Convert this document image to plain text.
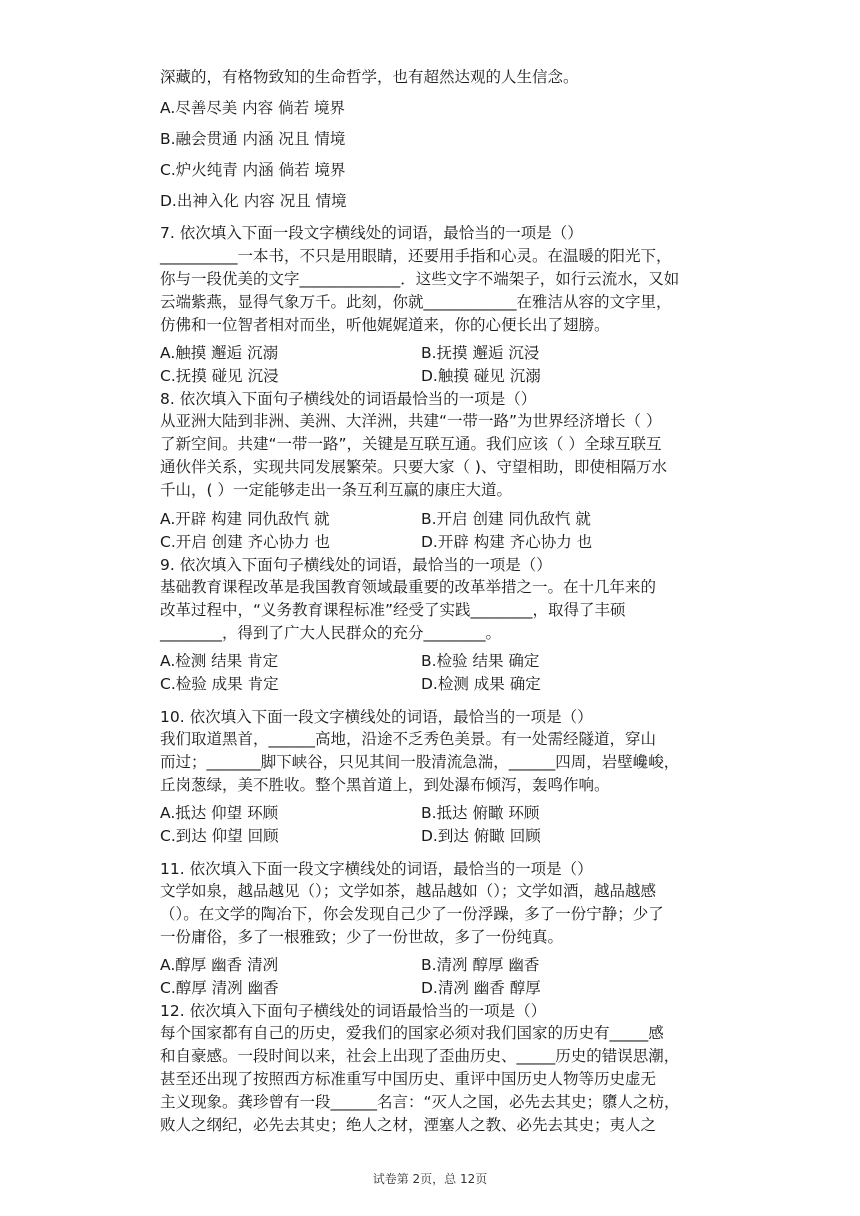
深藏的，有格物致知的生命哲学，也有超然达观的人生信念。
A.尽善尽美 内容 倘若 境界
B.融会贯通 内涵 况且 情境
C.炉火纯青 内涵 倘若 境界
D.出神入化 内容 况且 情境
7. 依次填入下面一段文字横线处的词语，最恰当的一项是（）
__________一本书，不只是用眼睛，还要用手指和心灵。在温暖的阳光下，
你与一段优美的文字_____________．这些文字不端架子，如行云流水，又如
云端紫燕，显得气象万千。此刻，你就____________在雅洁从容的文字里，
仿佛和一位智者相对而坐，听他娓娓道来，你的心便长出了翅膀。
A.触摸 邂逅 沉溺	B.抚摸 邂逅 沉浸
C.抚摸 碰见 沉浸	D.触摸 碰见 沉溺
8. 依次填入下面句子横线处的词语最恰当的一项是（）
从亚洲大陆到非洲、美洲、大洋洲，共建“一带一路”为世界经济增长（ ）
了新空间。共建“一带一路”，关键是互联互通。我们应该（ ）全球互联互
通伙伴关系，实现共同发展繁荣。只要大家（ )、守望相助，即使相隔万水
千山，( ）一定能够走出一条互利互赢的康庄大道。
A.开辟 构建 同仇敌忾 就	B.开启 创建 同仇敌忾 就
C.开启 创建 齐心协力 也	D.开辟 构建 齐心协力 也
9. 依次填入下面句子横线处的词语，最恰当的一项是（）
基础教育课程改革是我国教育领域最重要的改革举措之一。在十几年来的
改革过程中，“义务教育课程标准”经受了实践________，取得了丰硕
________，得到了广大人民群众的充分________。
A.检测 结果 肯定	B.检验 结果 确定
C.检验 成果 肯定	D.检测 成果 确定
10. 依次填入下面一段文字横线处的词语，最恰当的一项是（）
我们取道黑首，______高地，沿途不乏秀色美景。有一处需经隧道，穿山
而过；_______脚下峡谷，只见其间一股清流急湍，______四周，岩壁巉峻，
丘岗葱绿，美不胜收。整个黑首道上，到处瀑布倾泻，轰鸣作响。
A.抵达 仰望 环顾	B.抵达 俯瞰 环顾
C.到达 仰望 回顾	D.到达 俯瞰 回顾
11. 依次填入下面一段文字横线处的词语，最恰当的一项是（）
文学如泉，越品越见（）；文学如茶，越品越如（）；文学如酒，越品越感
（）。在文学的陶冶下，你会发现自己少了一份浮躁，多了一份宁静；少了
一份庸俗，多了一根雅致；少了一份世故，多了一份纯真。
A.醇厚 幽香 清冽	B.清冽 醇厚 幽香
C.醇厚 清冽 幽香	D.清冽 幽香 醇厚
12. 依次填入下面句子横线处的词语最恰当的一项是（）
每个国家都有自己的历史，爱我们的国家必须对我们国家的历史有_____感
和自豪感。一段时间以来，社会上出现了歪曲历史、_____历史的错误思潮，
甚至还出现了按照西方标准重写中国历史、重评中国历史人物等历史虚无
主义现象。龚珍曾有一段______名言：“灭人之国，必先去其史；隳人之枋，
败人之纲纪，必先去其史；绝人之材，湮塞人之教、必先去其史；夷人之
试卷第 2页，总 12页
